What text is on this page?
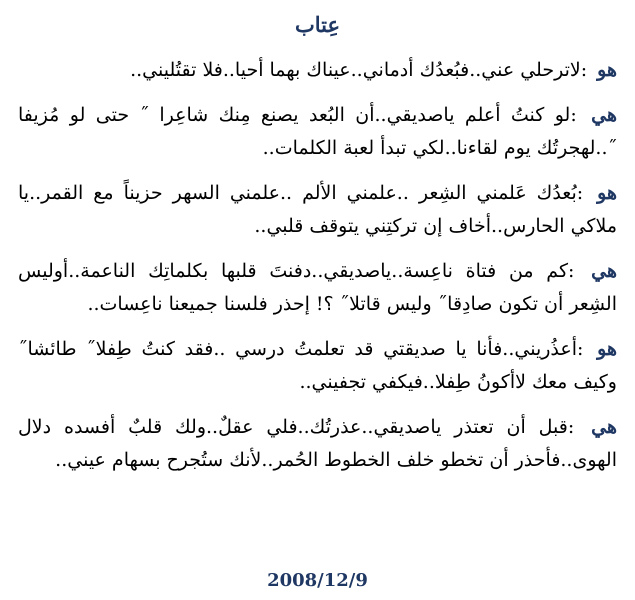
عِتاب
هو :لاترحلي عني..فبُعدُك أدماني..عيناك بهما أحيا..فلا تقتُليني..
هي :لو كنتُ أعلم ياصديقي..أن البُعد يصنع مِنك شاعِرا ˝ حتى لو مُزيفا ˝..لهجرتُك يوم لقاءنا..لكي تبدأ لعبة الكلمات..
هو :بُعدُك عَلمني الشِعر ..علمني الألم ..علمني السهر حزيناً مع القمر..يا ملاكي الحارس..أخاف إن تركتِني يتوقف قلبي..
هي :كم من فتاة ناعِسة..ياصديقي..دفنتَ قلبها بكلماتِك الناعمة..أوليس الشِعر أن تكون صادِقا˝ وليس قاتلا˝ ؟! إحذر فلسنا جميعنا ناعِسات..
هو :أعذُريني..فأنا يا صديقتي قد تعلمتُ درسي ..فقد كنتُ طِفلا˝ طائشا˝ وكيف معك لاأكونُ طِفلا..فيكفي تجفيني..
هي :قبل أن تعتذر ياصديقي..عذرتُك..فلي عقلٌ..ولك قلبٌ أفسده دلال الهوى..فأحذر أن تخطو خلف الخطوط الحُمر..لأنك ستُجرح بسهام عيني..
2008/12/9
